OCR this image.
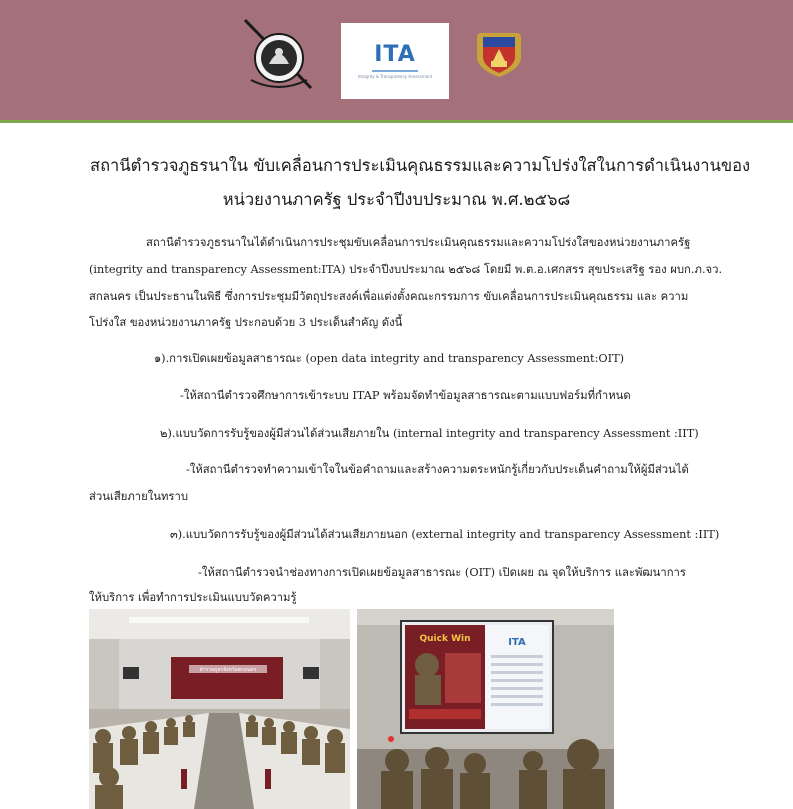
ITA
Integrity & Transparency Assessment
สถานีตำรวจภูธรนาใน ขับเคลื่อนการประเมินคุณธรรมและความโปร่งใสในการดำเนินงานของ
หน่วยงานภาครัฐ ประจำปีงบประมาณ พ.ศ.๒๕๖๘
สถานีตำรวจภูธรนาในได้ดำเนินการประชุมขับเคลื่อนการประเมินคุณธรรมและความโปร่งใสของหน่วยงานภาครัฐ
(integrity and transparency Assessment:ITA) ประจำปีงบประมาณ ๒๕๖๘ โดยมี พ.ต.อ.เศกสรร สุขประเสริฐ รอง ผบก.ภ.จว.
สกลนคร เป็นประธานในพิธี ซึ่งการประชุมมีวัตถุประสงค์เพื่อแต่งตั้งคณะกรรมการ ขับเคลื่อนการประเมินคุณธรรม และ ความ
โปร่งใส ของหน่วยงานภาครัฐ ประกอบด้วย 3 ประเด็นสำคัญ ดังนี้
๑).การเปิดเผยข้อมูลสาธารณะ (open data integrity and transparency Assessment:OIT)
-ให้สถานีตำรวจศึกษาการเข้าระบบ ITAP พร้อมจัดทำข้อมูลสาธารณะตามแบบฟอร์มที่กำหนด
๒).แบบวัดการรับรู้ของผู้มีส่วนได้ส่วนเสียภายใน (internal integrity and transparency Assessment :IIT)
-ให้สถานีตำรวจทำความเข้าใจในข้อคำถามและสร้างความตระหนักรู้เกี่ยวกับประเด็นคำถามให้ผู้มีส่วนได้
ส่วนเสียภายในทราบ
๓).แบบวัดการรับรู้ของผู้มีส่วนได้ส่วนเสียภายนอก (external integrity and transparency Assessment :IIT)
-ให้สถานีตำรวจนำช่องทางการเปิดเผยข้อมูลสาธารณะ (OIT) เปิดเผย ณ จุดให้บริการ และพัฒนาการ
ให้บริการ เพื่อทำการประเมินแบบวัดความรู้
ตำรวจภูธรจังหวัดสกลนคร
Quick Win	ITA
